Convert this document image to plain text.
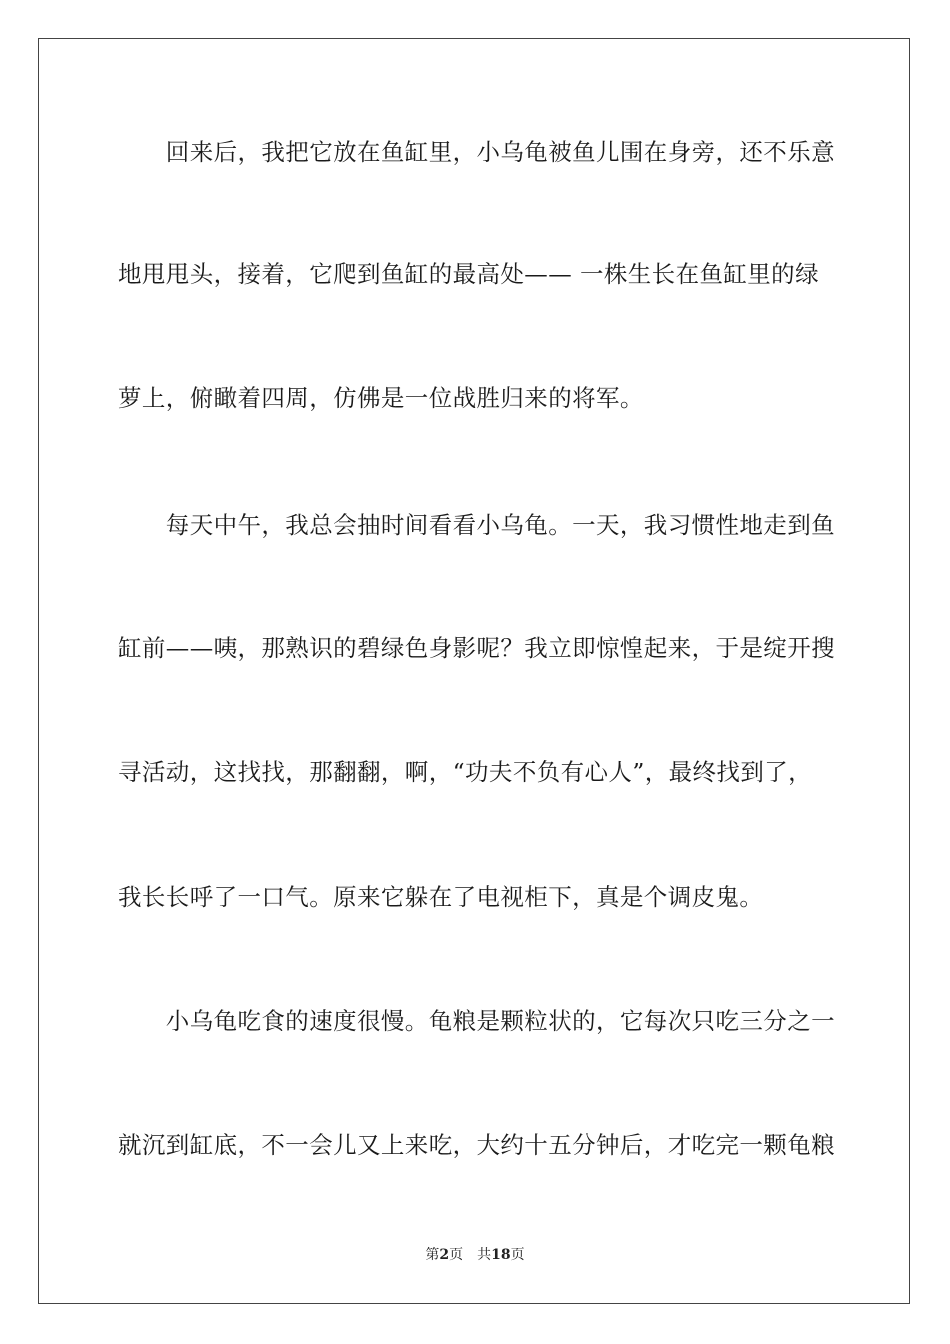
　　回来后，我把它放在鱼缸里，小乌龟被鱼儿围在身旁，还不乐意
地甩甩头，接着，它爬到鱼缸的最高处—— 一株生长在鱼缸里的绿
萝上，俯瞰着四周，仿佛是一位战胜归来的将军。
　　每天中午，我总会抽时间看看小乌龟。一天，我习惯性地走到鱼
缸前——咦，那熟识的碧绿色身影呢？我立即惊惶起来，于是绽开搜
寻活动，这找找，那翻翻，啊，“功夫不负有心人”，最终找到了，
我长长呼了一口气。原来它躲在了电视柜下，真是个调皮鬼。
　　小乌龟吃食的速度很慢。龟粮是颗粒状的，它每次只吃三分之一
就沉到缸底，不一会儿又上来吃，大约十五分钟后，才吃完一颗龟粮
第2页 共18页
